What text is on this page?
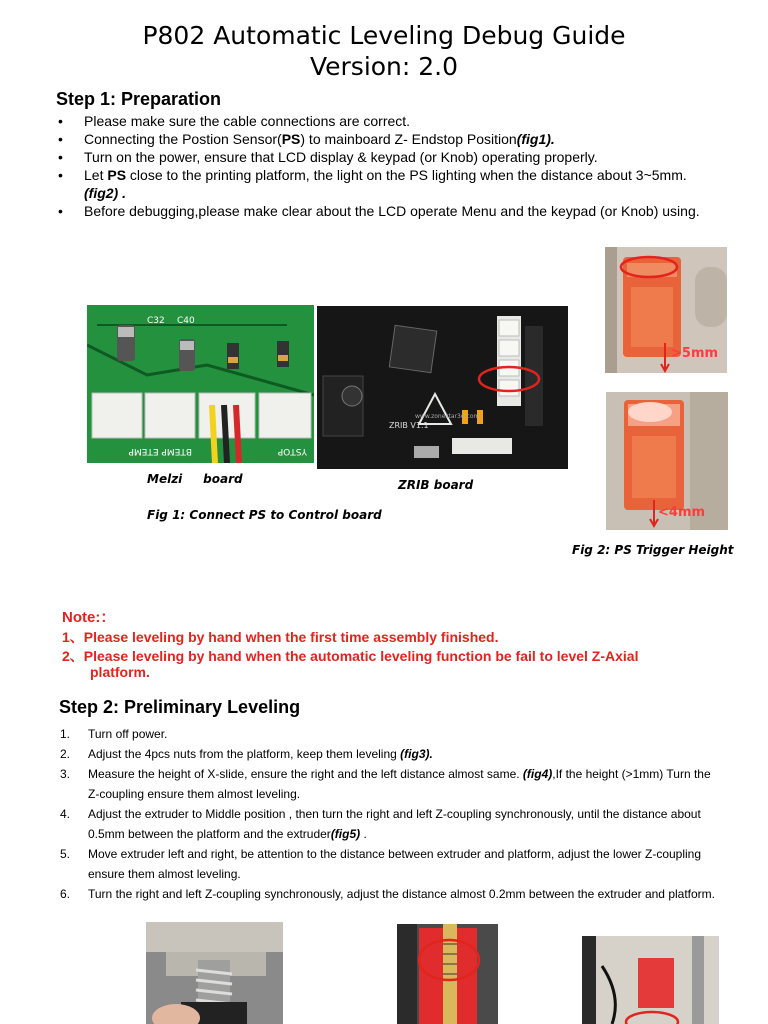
P802 Automatic Leveling Debug Guide
Version: 2.0
Step 1: Preparation
• Please make sure the cable connections are correct.
• Connecting the Postion Sensor(PS) to mainboard Z- Endstop Position(fig1).
• Turn on the power, ensure that LCD display & keypad (or Knob) operating properly.
• Let PS close to the printing platform, the light on the PS lighting when the distance about 3~5mm.(fig2) .
• Before debugging,please make clear about the LCD operate Menu and the keypad (or Knob) using.
C32 C40
BTEMP ETEMP	YSTOP
ZRIB V1.1
www.zonestar3d.com
Melzi     board	ZRIB board
Fig 1: Connect PS to Control board
>5mm
<4mm
Fig 2: PS Trigger Height
Note:：
1、Please leveling by hand when the first time assembly finished.
2、Please leveling by hand when the automatic leveling function be fail to level Z-Axial
platform.
Step 2: Preliminary Leveling
1. Turn off power.
2. Adjust the 4pcs nuts from the platform, keep them leveling (fig3).
3. Measure the height of X-slide, ensure the right and the left distance almost same. (fig4),If the height (>1mm) Turn the Z-coupling ensure them almost leveling.
4. Adjust the extruder to Middle position , then turn the right and left Z-coupling synchronously, until the distance about 0.5mm between the platform and the extruder(fig5) .
5. Move extruder left and right, be attention to the distance between extruder and platform, adjust the lower Z-coupling ensure them almost leveling.
6. Turn the right and left Z-coupling synchronously, adjust the distance almost 0.2mm between the extruder and platform.
